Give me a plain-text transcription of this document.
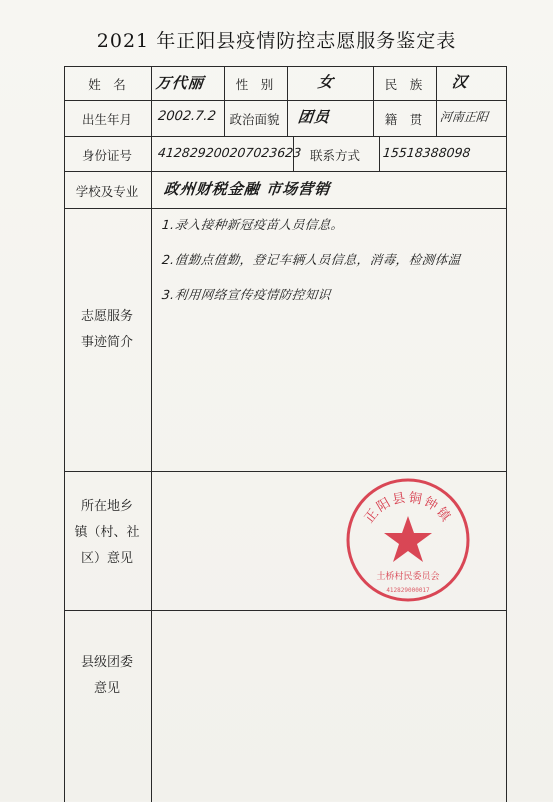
2021 年正阳县疫情防控志愿服务鉴定表
姓　名	万代丽	性　别	女	民　族	汉
出生年月	2002.7.2	政治面貌	团员	籍　贯	河南正阳
身份证号	412829200207023623 联系方式	15518388098
学校及专业	政州财税金融 市场营销
志愿服务
事迹简介
1.录入接种新冠疫苗人员信息。
2.值勤点值勤，登记车辆人员信息，消毒，检测体温
3.利用网络宣传疫情防控知识
所在地乡
镇（村、社
区）意见
正阳县铜钟镇
土桥村民委员会
412829000017
县级团委
意见
